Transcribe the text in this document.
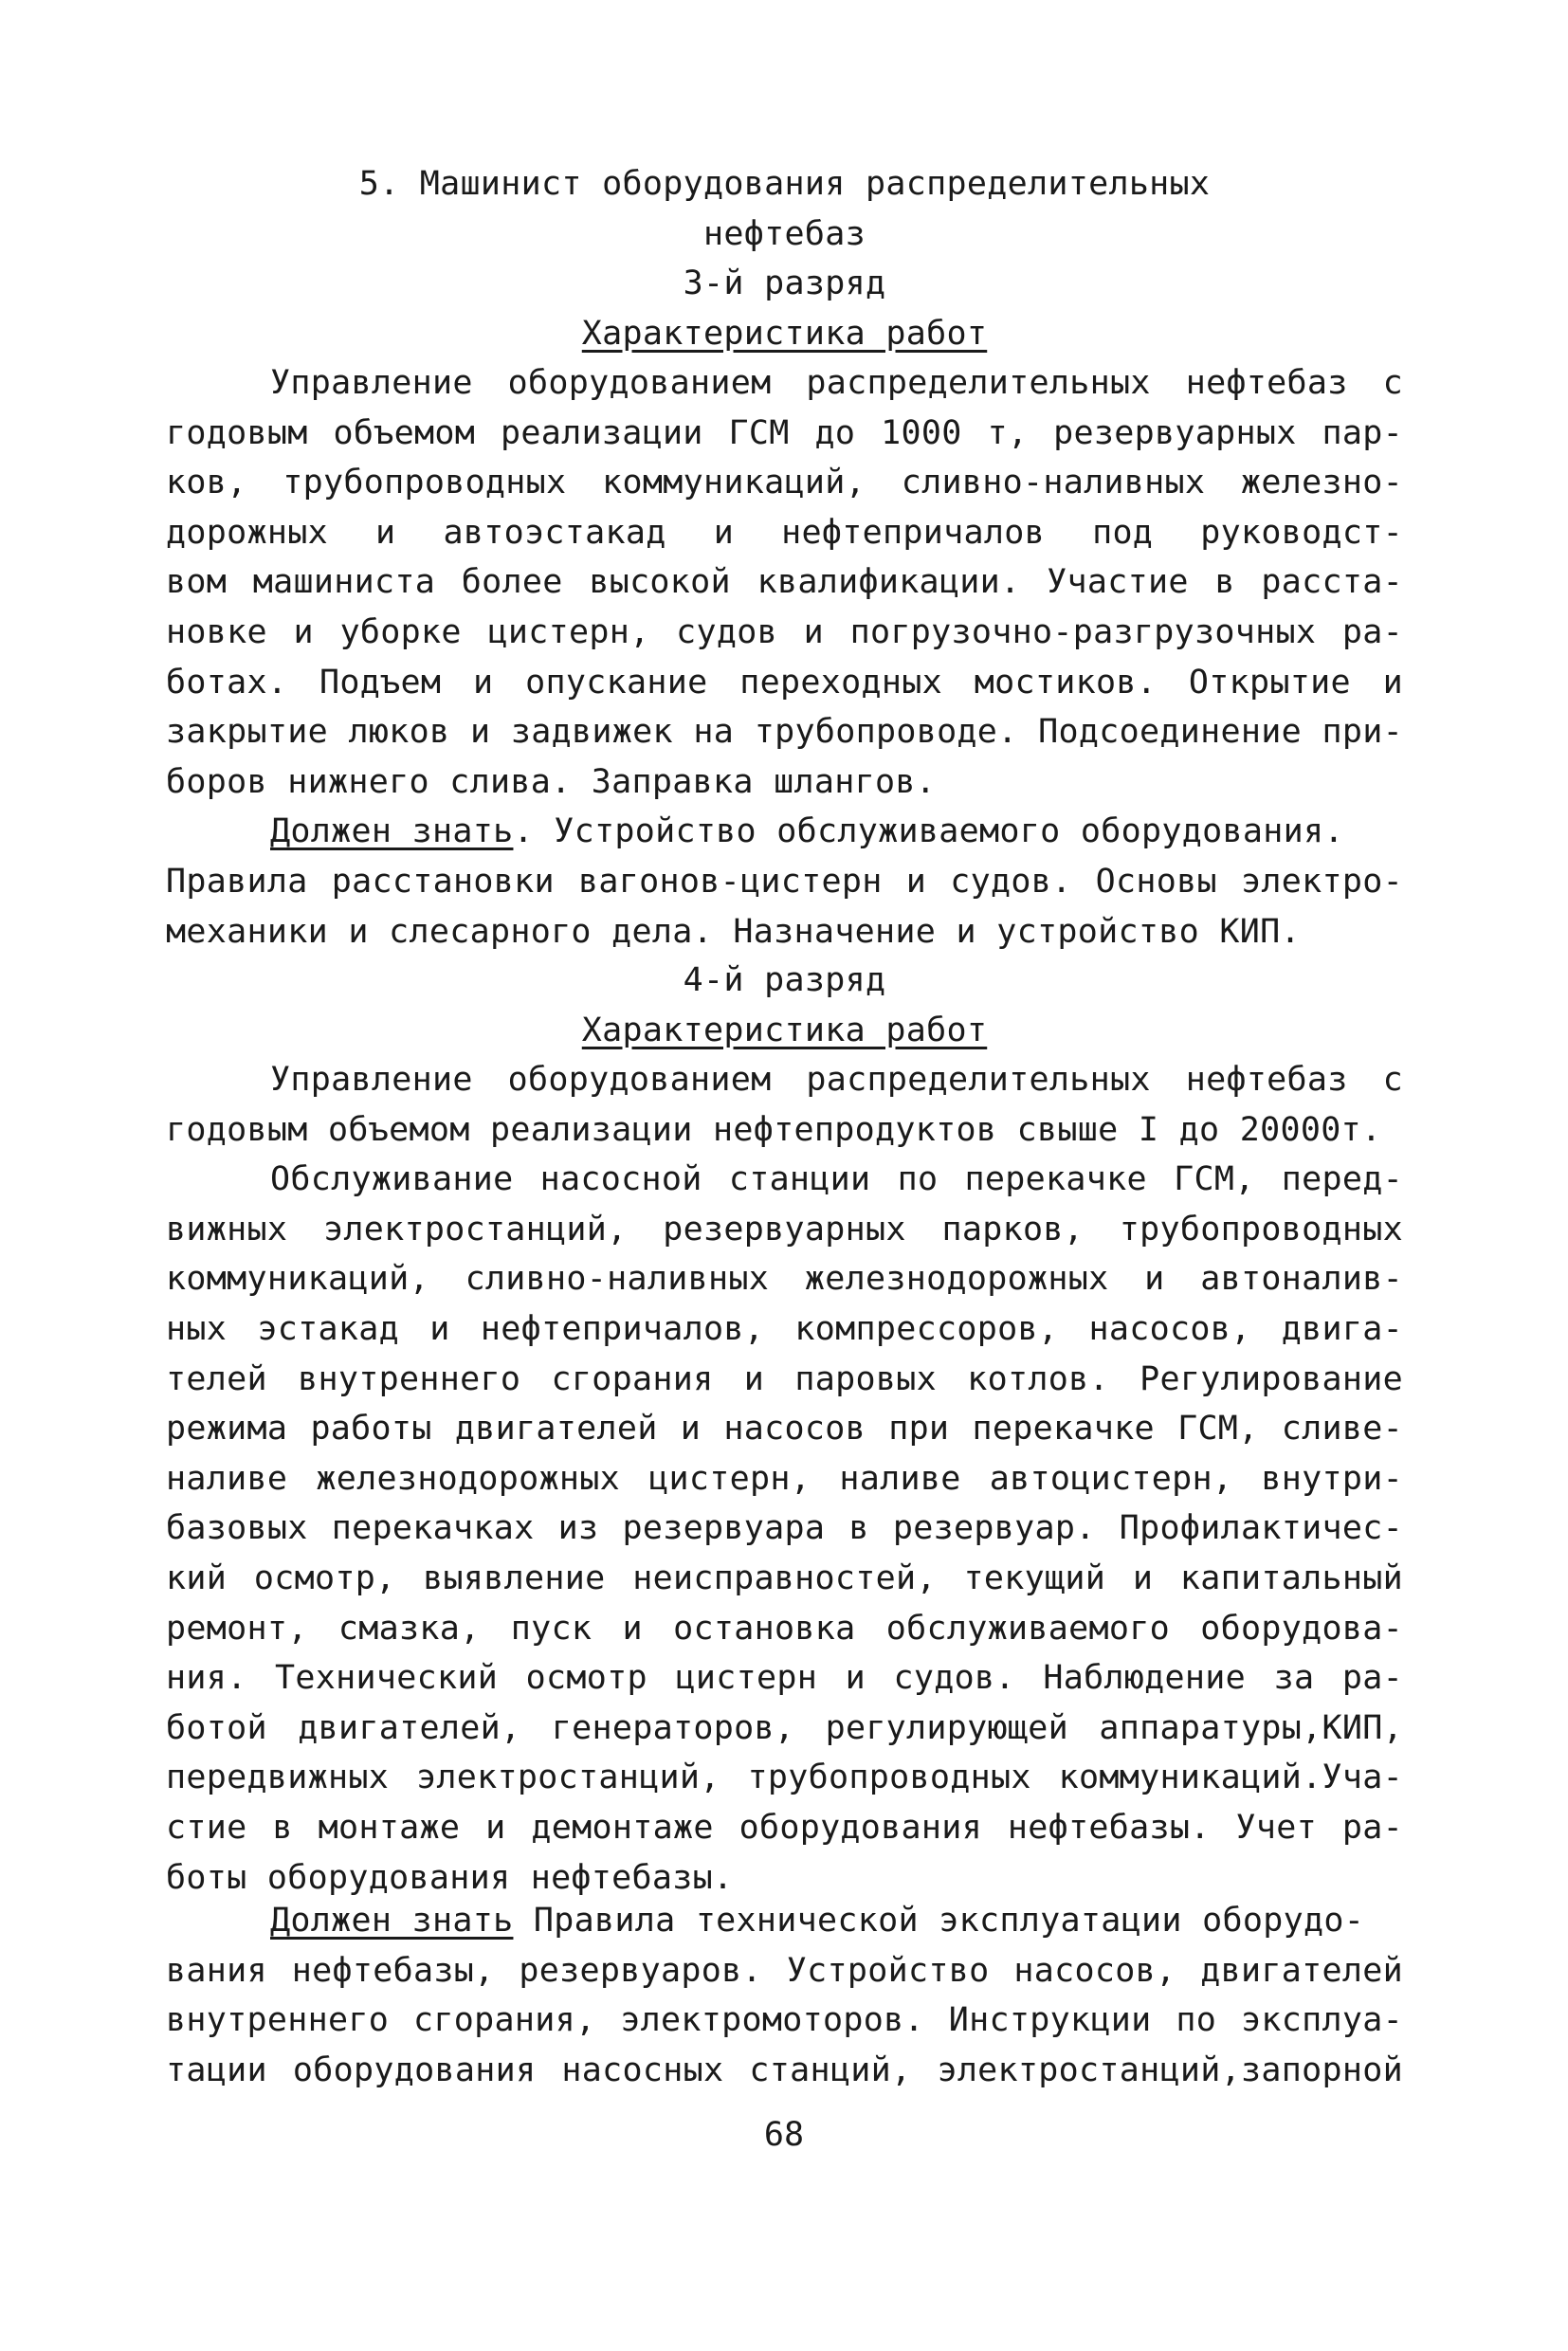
5. Машинист оборудования распределительных
нефтебаз
3-й разряд
Характеристика работ
Управление оборудованием распределительных нефтебаз с
годовым объемом реализации ГСМ до 1000 т, резервуарных пар-
ков, трубопроводных коммуникаций, сливно-наливных железно-
дорожных и автоэстакад и нефтепричалов под руководст-
вом машиниста более высокой квалификации. Участие в расста-
новке и уборке цистерн, судов и погрузочно-разгрузочных ра-
ботах. Подъем и опускание переходных мостиков. Открытие и
закрытие люков и задвижек на трубопроводе. Подсоединение при-
боров нижнего слива. Заправка шлангов.
Должен знать. Устройство обслуживаемого оборудования.
Правила расстановки вагонов-цистерн и судов. Основы электро-
механики и слесарного дела. Назначение и устройство КИП.
4-й разряд
Характеристика работ
Управление оборудованием распределительных нефтебаз с
годовым объемом реализации нефтепродуктов свыше I до 20000т.
Обслуживание насосной станции по перекачке ГСМ, перед-
вижных электростанций, резервуарных парков, трубопроводных
коммуникаций, сливно-наливных железнодорожных и автоналив-
ных эстакад и нефтепричалов, компрессоров, насосов, двига-
телей внутреннего сгорания и паровых котлов. Регулирование
режима работы двигателей и насосов при перекачке ГСМ, сливе-
наливе железнодорожных цистерн, наливе автоцистерн, внутри-
базовых перекачках из резервуара в резервуар. Профилактичес-
кий осмотр, выявление неисправностей, текущий и капитальный
ремонт, смазка, пуск и остановка обслуживаемого оборудова-
ния. Технический осмотр цистерн и судов. Наблюдение за ра-
ботой двигателей, генераторов, регулирующей аппаратуры,КИП,
передвижных электростанций, трубопроводных коммуникаций.Уча-
стие в монтаже и демонтаже оборудования нефтебазы. Учет ра-
боты оборудования нефтебазы.
Должен знать Правила технической эксплуатации оборудо-
вания нефтебазы, резервуаров. Устройство насосов, двигателей
внутреннего сгорания, электромоторов. Инструкции по эксплуа-
тации оборудования насосных станций, электростанций,запорной
68
